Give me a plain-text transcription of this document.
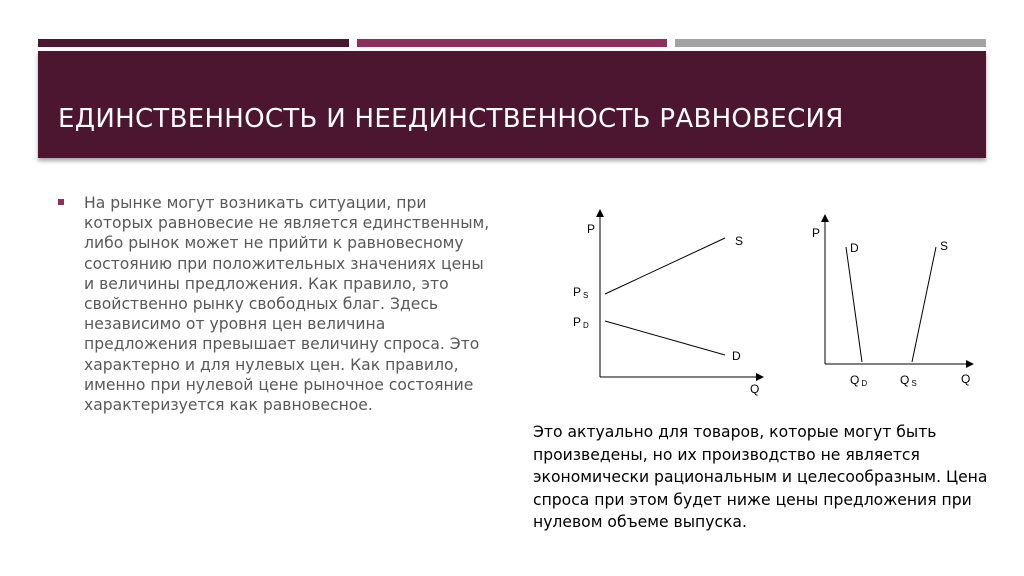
ЕДИНСТВЕННОСТЬ И НЕЕДИНСТВЕННОСТЬ РАВНОВЕСИЯ

На рынке могут возникать ситуации, при которых равновесие не является единственным, либо рынок может не прийти к равновесному состоянию при положительных значениях цены и величины предложения. Как правило, это свойственно рынку свободных благ. Здесь независимо от уровня цен величина предложения превышает величину спроса. Это характерно и для нулевых цен. Как правило, именно при нулевой цене рыночное состояние характеризуется как равновесное.

P
Q
S
D
P S
P D
P
Q
D	S
Q D	Q S

Это актуально для товаров, которые могут быть произведены, но их производство не является экономически рациональным и целесообразным. Цена спроса при этом будет ниже цены предложения при нулевом объеме выпуска.
